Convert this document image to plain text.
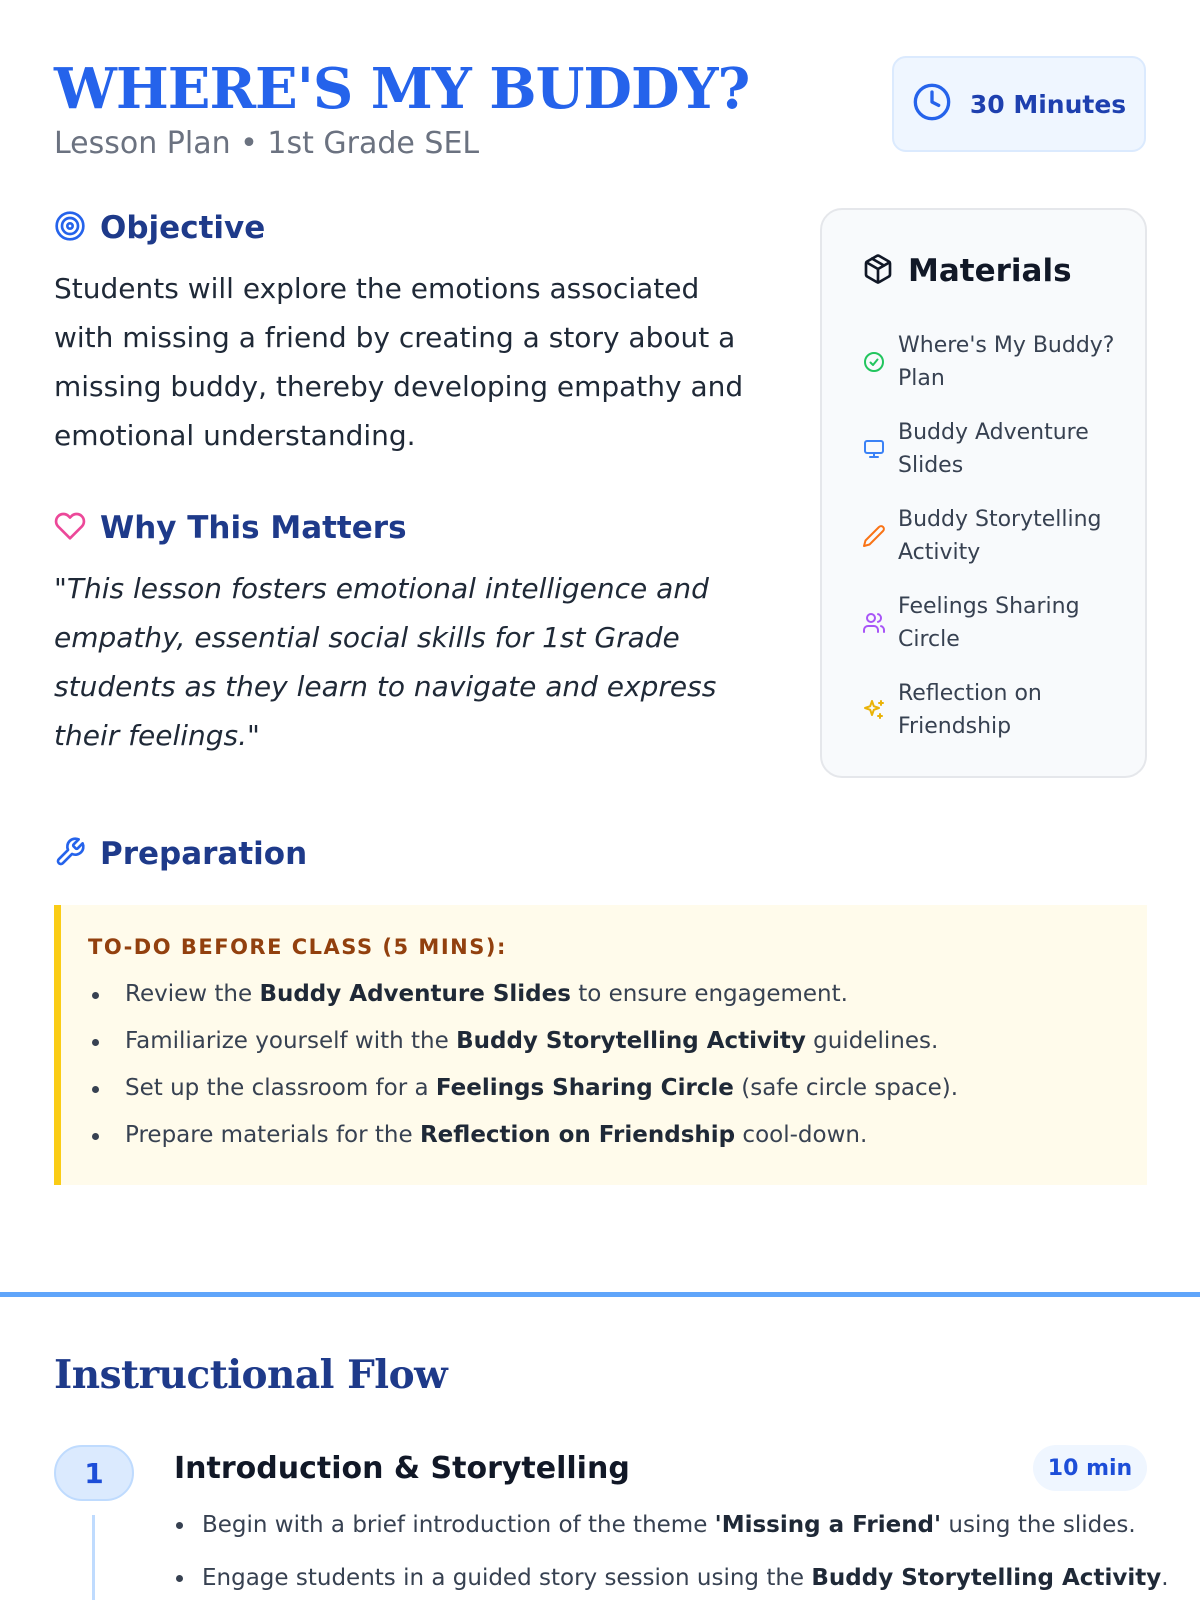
WHERE'S MY BUDDY?
Lesson Plan • 1st Grade SEL
30 Minutes
Objective

Students will explore the emotions associated with missing a friend by creating a story about a missing buddy, thereby developing empathy and emotional understanding.

Why This Matters

"This lesson fosters emotional intelligence and empathy, essential social skills for 1st Grade students as they learn to navigate and express their feelings."

Materials
Where's My Buddy? Plan
Buddy Adventure Slides
Buddy Storytelling Activity
Feelings Sharing Circle
Reflection on Friendship
Preparation
TO-DO BEFORE CLASS (5 MINS):
Review the Buddy Adventure Slides to ensure engagement.
Familiarize yourself with the Buddy Storytelling Activity guidelines.
Set up the classroom for a Feelings Sharing Circle (safe circle space).
Prepare materials for the Reflection on Friendship cool-down.
Instructional Flow
1	Introduction & Storytelling	10 min
Begin with a brief introduction of the theme 'Missing a Friend' using the slides.
Engage students in a guided story session using the Buddy Storytelling Activity.
